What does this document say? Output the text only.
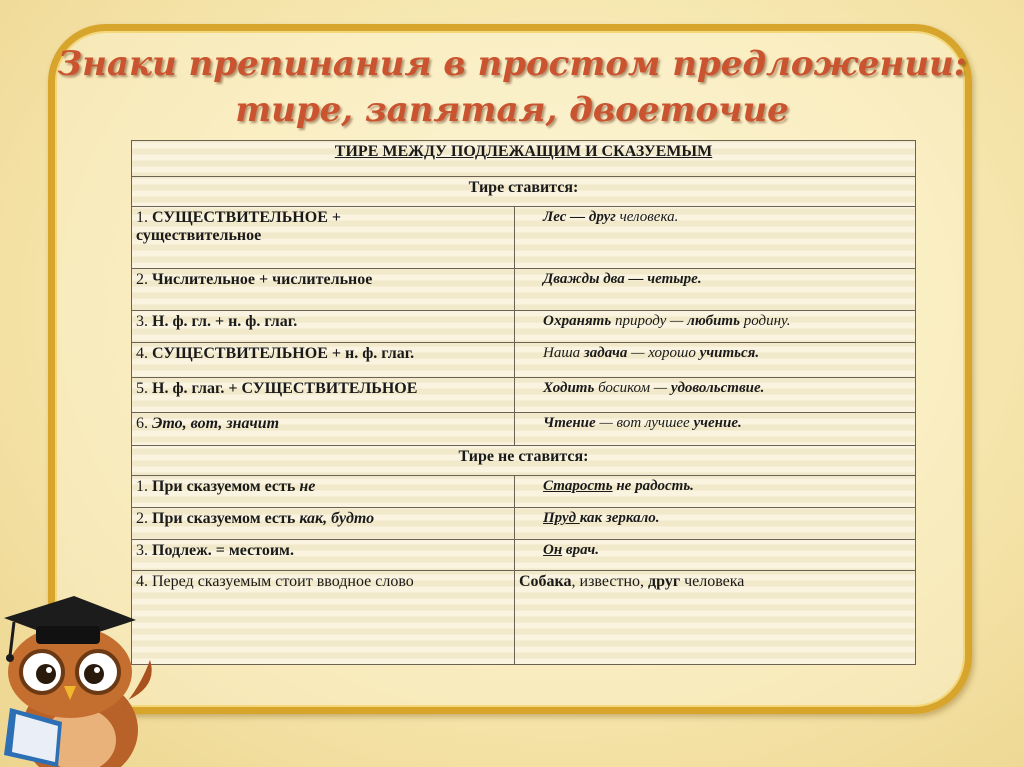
Знаки препинания в простом предложении:
тире, запятая, двоеточие
ТИРЕ МЕЖДУ ПОДЛЕЖАЩИМ И СКАЗУЕМЫМ	
Тире ставится:	
1. СУЩЕСТВИТЕЛЬНОЕ +
существительное	Лес — друг человека.
2. Числительное + числительное	Дважды два — четыре.
3. Н. ф. гл. + н. ф. глаг.	Охранять природу — любить родину.
4. СУЩЕСТВИТЕЛЬНОЕ + н. ф. глаг.	Наша задача — хорошо учиться.
5. Н. ф. глаг. + СУЩЕСТВИТЕЛЬНОЕ	Ходить босиком — удовольствие.
6. Это, вот, значит	Чтение — вот лучшее учение.
Тире не ставится:	
1. При сказуемом есть не	Старость не радость.
2. При сказуемом есть как, будто	Пруд как зеркало.
3. Подлеж. = местоим.	Он врач.
4. Перед сказуемым стоит вводное слово	Собака, известно, друг человека
